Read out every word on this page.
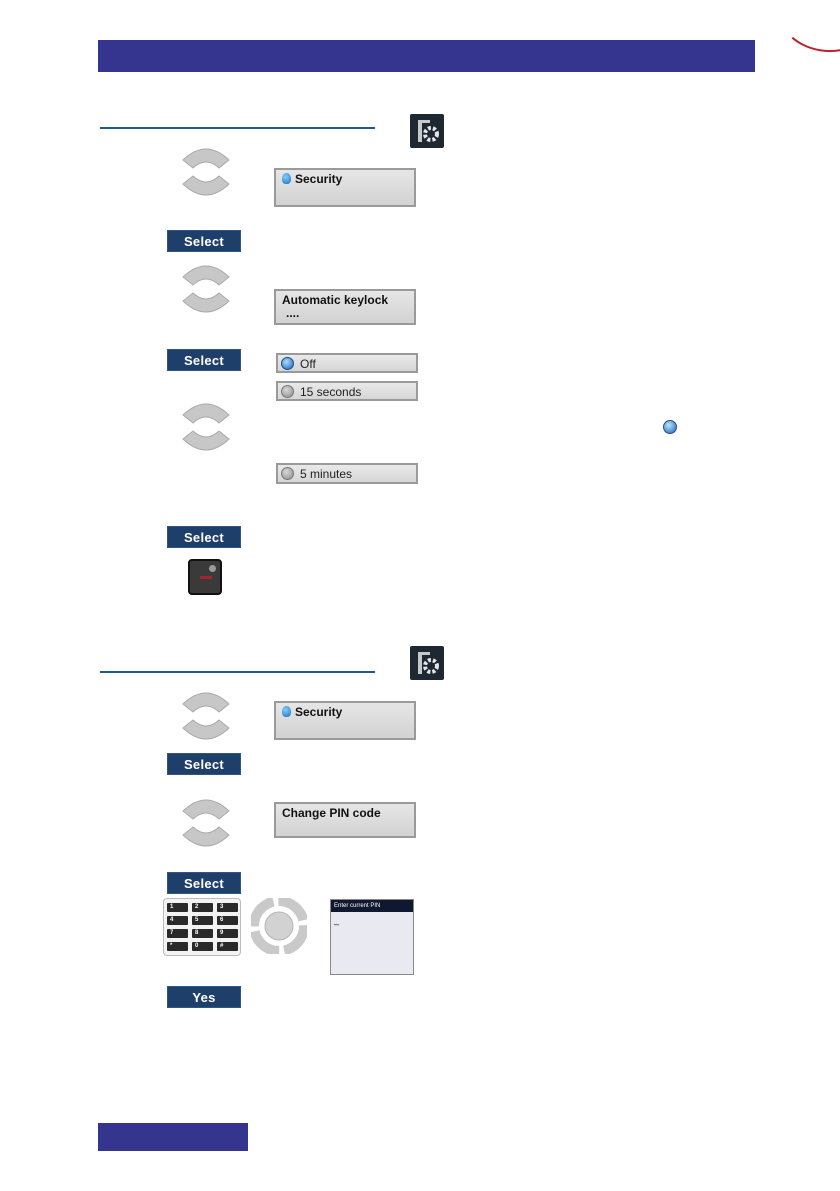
Security
Select
Automatic keylock
....
Select	Off
15 seconds
5 minutes
Select
Security
Select
Change PIN code
Select
1	2	3
4	5	6
7	8	9
*	0	#
Enter current PIN
_
Yes
